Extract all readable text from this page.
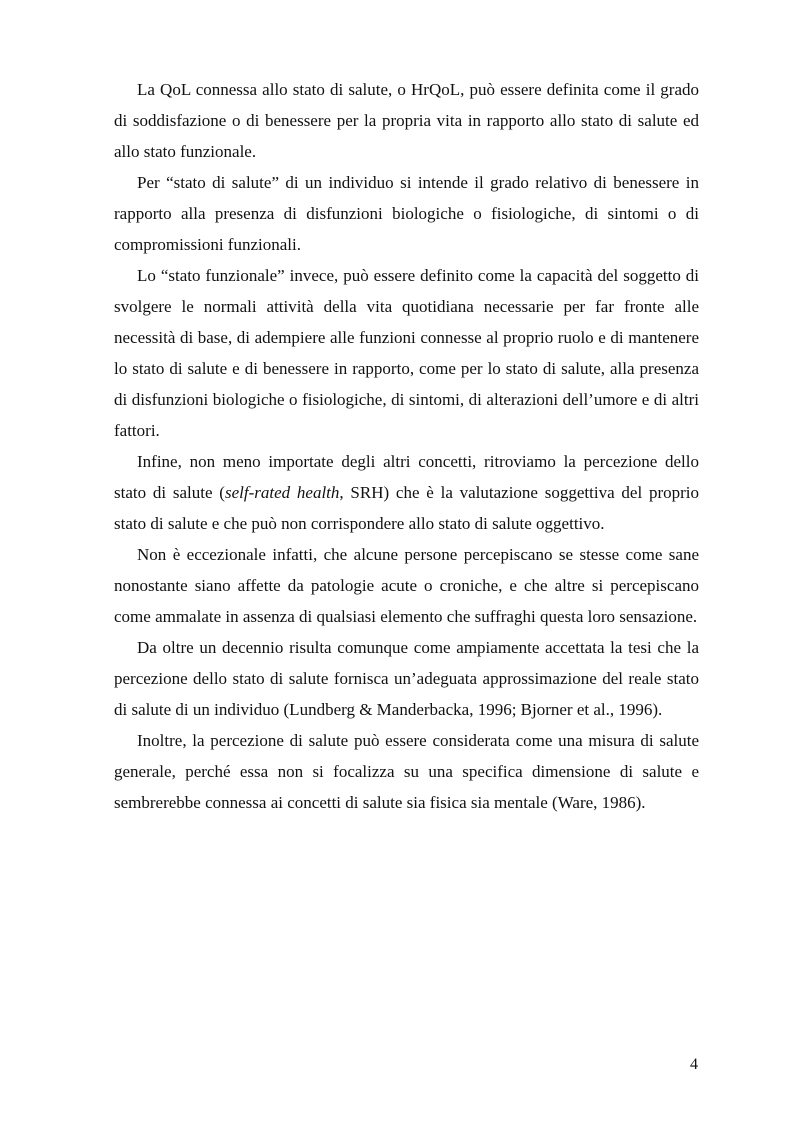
La QoL connessa allo stato di salute, o HrQoL, può essere definita come il grado di soddisfazione o di benessere per la propria vita in rapporto allo stato di salute ed allo stato funzionale.

Per “stato di salute” di un individuo si intende il grado relativo di benessere in rapporto alla presenza di disfunzioni biologiche o fisiologiche, di sintomi o di compromissioni funzionali.

Lo “stato funzionale” invece, può essere definito come la capacità del soggetto di svolgere le normali attività della vita quotidiana necessarie per far fronte alle necessità di base, di adempiere alle funzioni connesse al proprio ruolo e di mantenere lo stato di salute e di benessere in rapporto, come per lo stato di salute, alla presenza di disfunzioni biologiche o fisiologiche, di sintomi, di alterazioni dell’umore e di altri fattori.

Infine, non meno importate degli altri concetti, ritroviamo la percezione dello stato di salute (self-rated health, SRH) che è la valutazione soggettiva del proprio stato di salute e che può non corrispondere allo stato di salute oggettivo.

Non è eccezionale infatti, che alcune persone percepiscano se stesse come sane nonostante siano affette da patologie acute o croniche, e che altre si percepiscano come ammalate in assenza di qualsiasi elemento che suffraghi questa loro sensazione.

Da oltre un decennio risulta comunque come ampiamente accettata la tesi che la percezione dello stato di salute fornisca un’adeguata approssimazione del reale stato di salute di un individuo (Lundberg & Manderbacka, 1996; Bjorner et al., 1996).

Inoltre, la percezione di salute può essere considerata come una misura di salute generale, perché essa non si focalizza su una specifica dimensione di salute e sembrerebbe connessa ai concetti di salute sia fisica sia mentale (Ware, 1986).

4
